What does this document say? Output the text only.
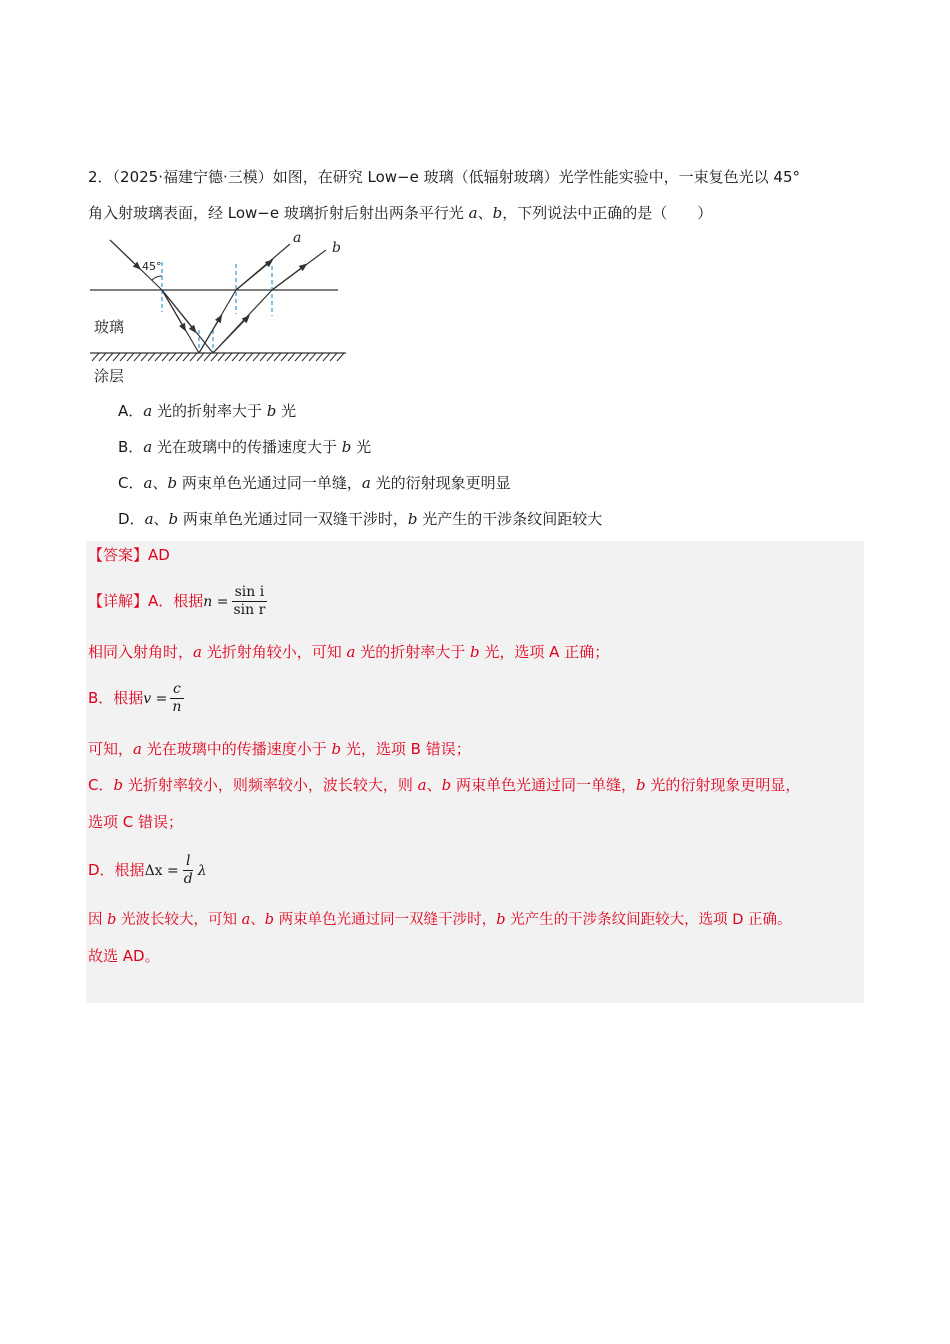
2．（2025·福建宁德·三模）如图，在研究 Low−e 玻璃（低辐射玻璃）光学性能实验中，一束复色光以 45°
角入射玻璃表面，经 Low−e 玻璃折射后射出两条平行光 a、b，下列说法中正确的是（　　）
45°
a
b
玻璃
涂层
A．a 光的折射率大于 b 光
B．a 光在玻璃中的传播速度大于 b 光
C．a、b 两束单色光通过同一单缝，a 光的衍射现象更明显
D．a、b 两束单色光通过同一双缝干涉时，b 光产生的干涉条纹间距较大
【答案】AD
【详解】A．根据$n = \frac{\text{sin i}}{\text{sin r}}$
相同入射角时，a 光折射角较小，可知 a 光的折射率大于 b 光，选项 A 正确；
B．根据$v = \frac{c}{n}$
可知，a 光在玻璃中的传播速度小于 b 光，选项 B 错误；
C．b 光折射率较小，则频率较小，波长较大，则 a、b 两束单色光通过同一单缝，b 光的衍射现象更明显，
选项 C 错误；
D．根据$\Delta x = \frac{l}{d}$ λ
因 b 光波长较大，可知 a、b 两束单色光通过同一双缝干涉时，b 光产生的干涉条纹间距较大，选项 D 正确。
故选 AD。
